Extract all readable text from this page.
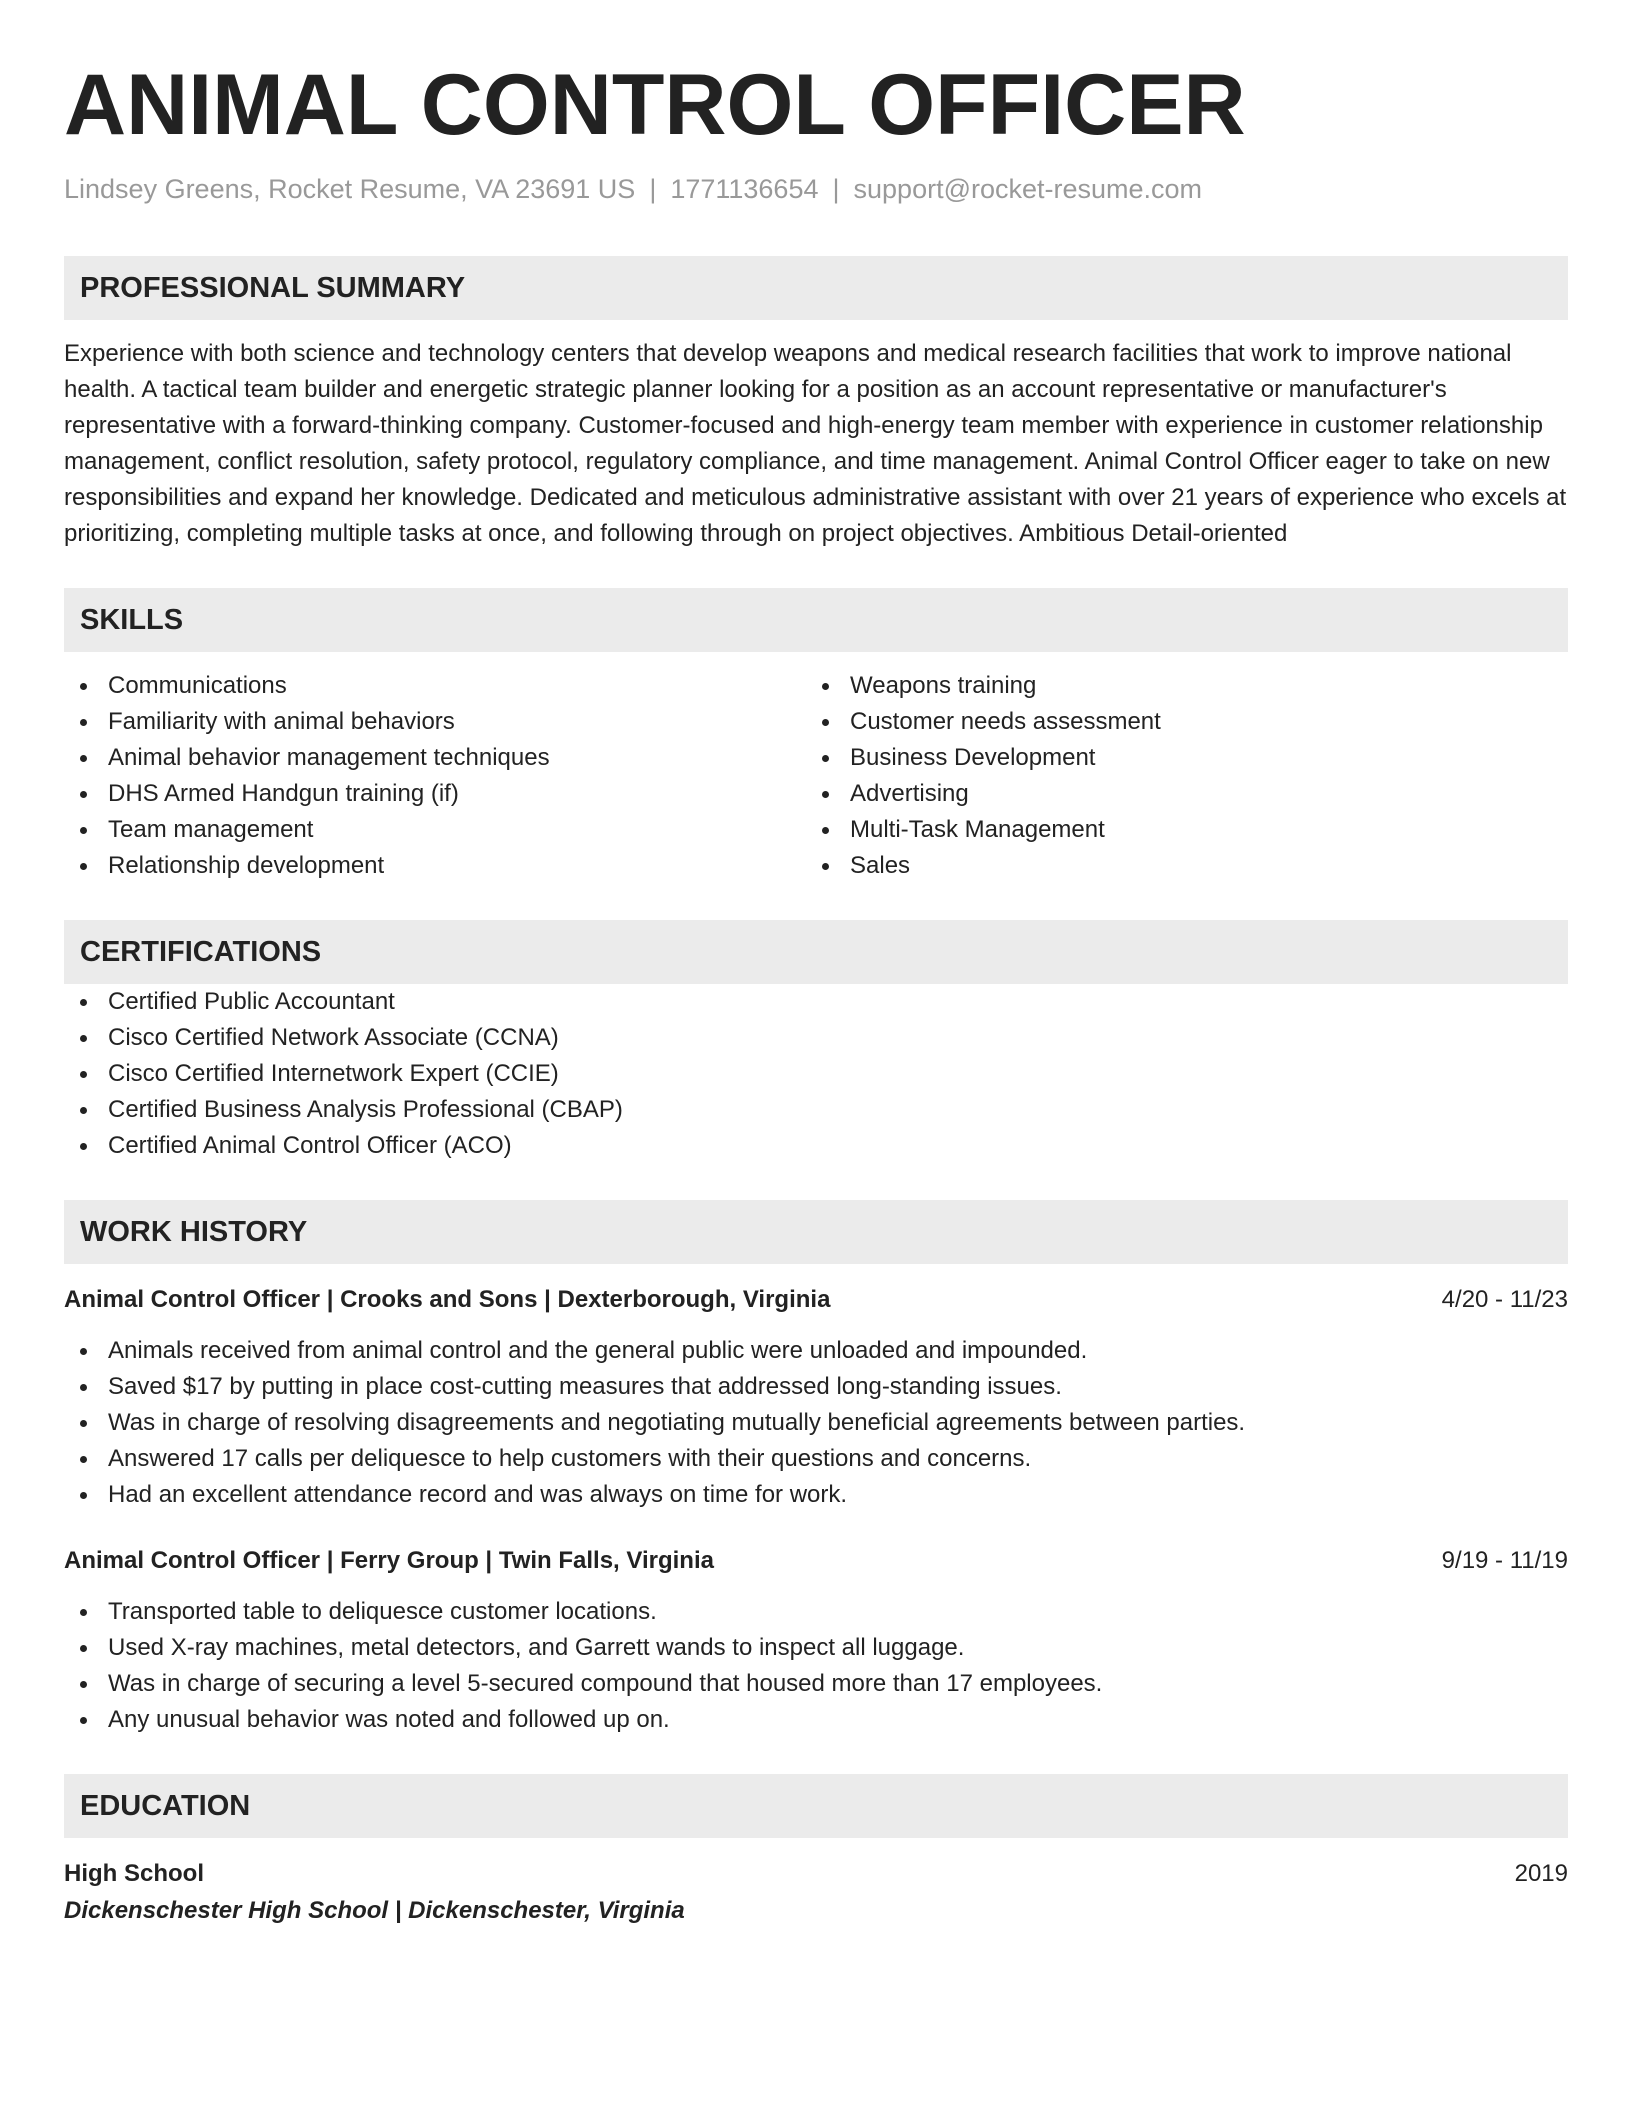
ANIMAL CONTROL OFFICER
Lindsey Greens, Rocket Resume, VA 23691 US | 1771136654 | support@rocket-resume.com
PROFESSIONAL SUMMARY
Experience with both science and technology centers that develop weapons and medical research facilities that work to improve national health. A tactical team builder and energetic strategic planner looking for a position as an account representative or manufacturer's representative with a forward-thinking company. Customer-focused and high-energy team member with experience in customer relationship management, conflict resolution, safety protocol, regulatory compliance, and time management. Animal Control Officer eager to take on new responsibilities and expand her knowledge. Dedicated and meticulous administrative assistant with over 21 years of experience who excels at prioritizing, completing multiple tasks at once, and following through on project objectives. Ambitious Detail-oriented
SKILLS
Communications
Familiarity with animal behaviors
Animal behavior management techniques
DHS Armed Handgun training (if)
Team management
Relationship development
Weapons training
Customer needs assessment
Business Development
Advertising
Multi-Task Management
Sales
CERTIFICATIONS
Certified Public Accountant
Cisco Certified Network Associate (CCNA)
Cisco Certified Internetwork Expert (CCIE)
Certified Business Analysis Professional (CBAP)
Certified Animal Control Officer (ACO)
WORK HISTORY
Animal Control Officer | Crooks and Sons | Dexterborough, Virginia	4/20 - 11/23
Animals received from animal control and the general public were unloaded and impounded.
Saved $17 by putting in place cost-cutting measures that addressed long-standing issues.
Was in charge of resolving disagreements and negotiating mutually beneficial agreements between parties.
Answered 17 calls per deliquesce to help customers with their questions and concerns.
Had an excellent attendance record and was always on time for work.
Animal Control Officer | Ferry Group | Twin Falls, Virginia	9/19 - 11/19
Transported table to deliquesce customer locations.
Used X-ray machines, metal detectors, and Garrett wands to inspect all luggage.
Was in charge of securing a level 5-secured compound that housed more than 17 employees.
Any unusual behavior was noted and followed up on.
EDUCATION
High School	2019
Dickenschester High School | Dickenschester, Virginia
